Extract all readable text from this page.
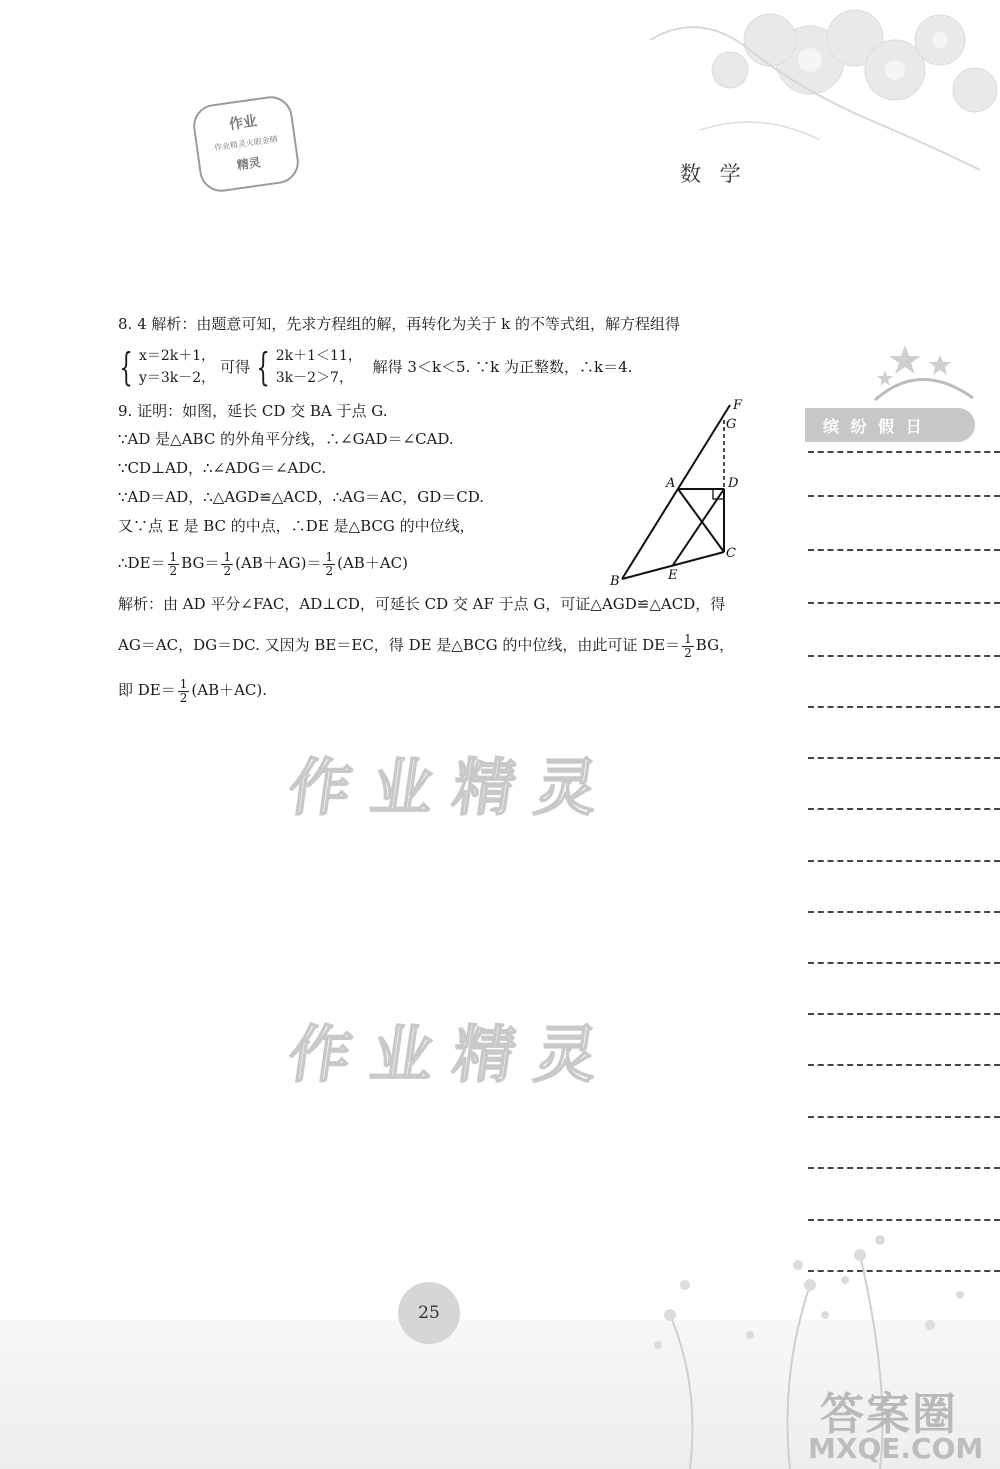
作业
作业精灵火眼金睛
精灵	数 学
缤 纷 假 日
8. 4 解析：由题意可知，先求方程组的解，再转化为关于 k 的不等式组，解方程组得
{ x＝2k＋1，
y＝3k－2，
可得 { 2k＋1＜11，
3k－2＞7，
解得 3＜k＜5. ∵k 为正整数，∴k＝4.
9. 证明：如图，延长 CD 交 BA 于点 G.
∵AD 是△ABC 的外角平分线，∴∠GAD＝∠CAD.
∵CD⊥AD，∴∠ADG＝∠ADC.
∵AD＝AD，∴△AGD≌△ACD，∴AG＝AC，GD＝CD.
又∵点 E 是 BC 的中点，∴DE 是△BCG 的中位线，
∴DE＝ $\frac{1}{2} BG= \frac{1}{2} (AB+AG)= \frac{1}{2} (AB+AC)$
F
G
A	D
C
B	E
解析：由 AD 平分∠FAC，AD⊥CD，可延长 CD 交 AF 于点 G，可证△AGD≌△ACD，得
AG＝AC，DG＝DC. 又因为 BE＝EC，得 DE 是△BCG 的中位线，由此可证 $DE= \frac{1}{2}$ BG，
即 $DE= \frac{1}{2} (AB+AC)$.
作业精灵
作业精灵
25
答案圈
MXQE.COM
